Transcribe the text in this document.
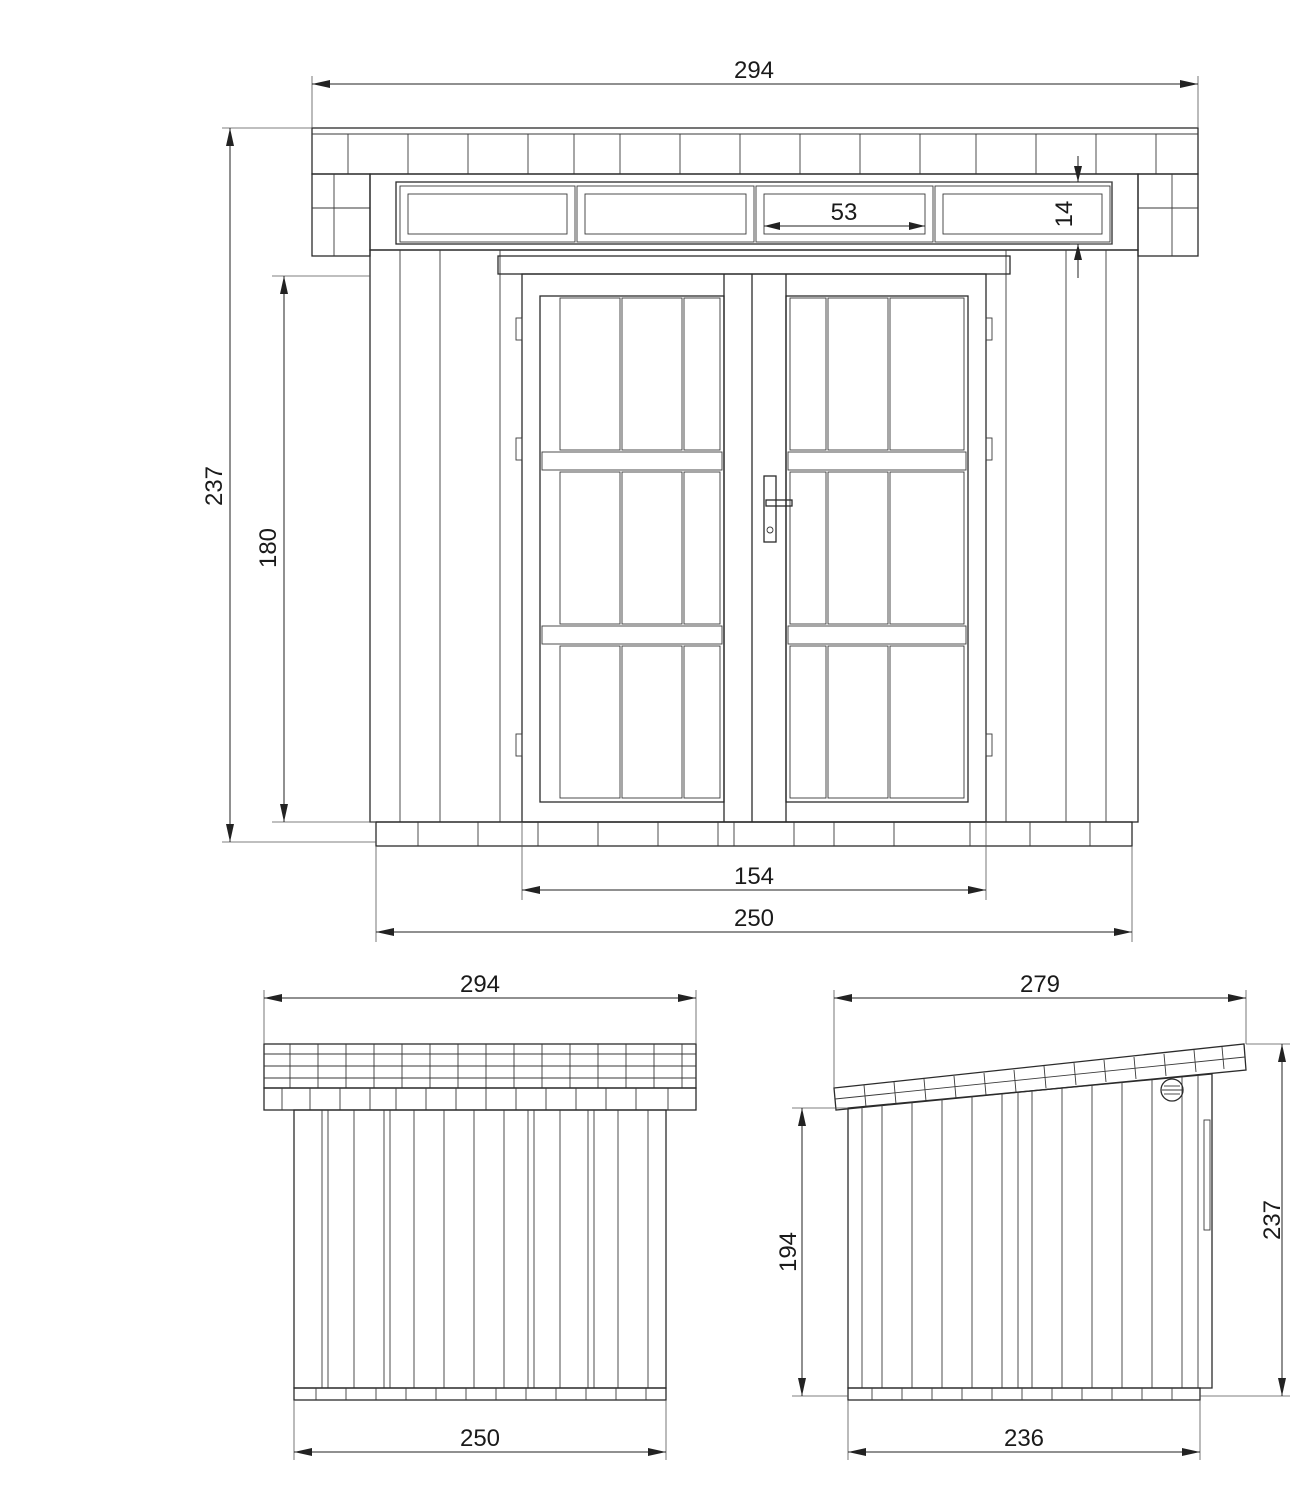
294
237
180
53	14
154
250
294
250
279
194
237
236
